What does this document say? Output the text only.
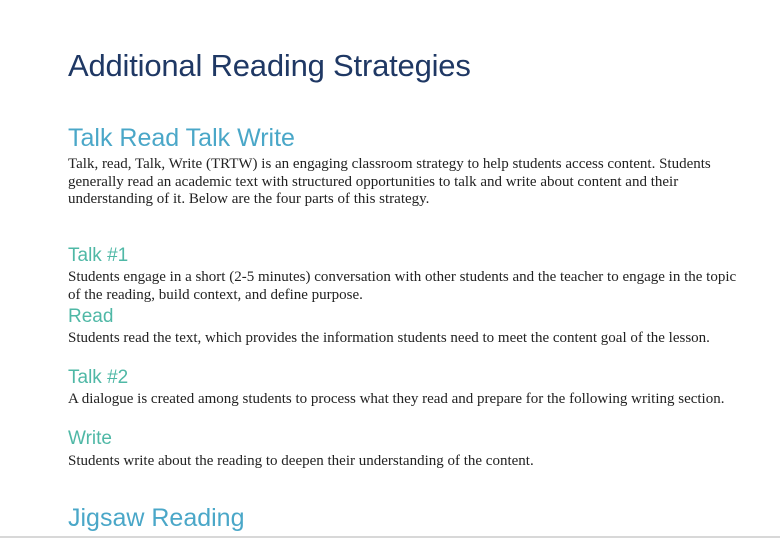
Additional Reading Strategies
Talk Read Talk Write

Talk, read, Talk, Write (TRTW) is an engaging classroom strategy to help students access content. Students generally read an academic text with structured opportunities to talk and write about content and their understanding of it. Below are the four parts of this strategy.

Talk #1

Students engage in a short (2-5 minutes) conversation with other students and the teacher to engage in the topic of the reading, build context, and define purpose.

Read

Students read the text, which provides the information students need to meet the content goal of the lesson.

Talk #2

A dialogue is created among students to process what they read and prepare for the following writing section.

Write

Students write about the reading to deepen their understanding of the content.

Jigsaw Reading
